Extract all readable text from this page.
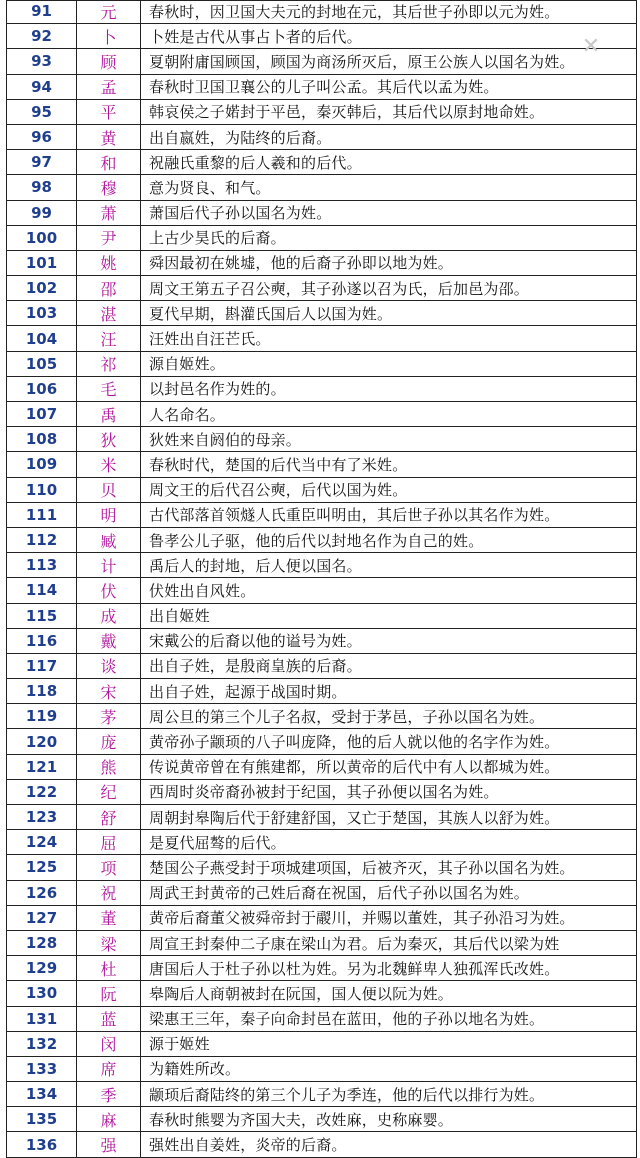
91	元	春秋时，因卫国大夫元的封地在元，其后世子孙即以元为姓。
92	卜	卜姓是古代从事占卜者的后代。
93	顾	夏朝附庸国顾国，顾国为商汤所灭后，原王公族人以国名为姓。
94	孟	春秋时卫国卫襄公的儿子叫公孟。其后代以孟为姓。
95	平	韩哀侯之子婼封于平邑，秦灭韩后，其后代以原封地命姓。
96	黄	出自嬴姓，为陆终的后裔。
97	和	祝融氏重黎的后人羲和的后代。
98	穆	意为贤良、和气。
99	萧	萧国后代子孙以国名为姓。
100	尹	上古少昊氏的后裔。
101	姚	舜因最初在姚墟，他的后裔子孙即以地为姓。
102	邵	周文王第五子召公奭，其子孙遂以召为氏，后加邑为邵。
103	湛	夏代早期，斟灌氏国后人以国为姓。
104	汪	汪姓出自汪芒氏。
105	祁	源自姬姓。
106	毛	以封邑名作为姓的。
107	禹	人名命名。
108	狄	狄姓来自阏伯的母亲。
109	米	春秋时代，楚国的后代当中有了米姓。
110	贝	周文王的后代召公奭，后代以国为姓。
111	明	古代部落首领燧人氏重臣叫明由，其后世子孙以其名作为姓。
112	臧	鲁孝公儿子驱，他的后代以封地名作为自己的姓。
113	计	禹后人的封地，后人便以国名。
114	伏	伏姓出自风姓。
115	成	出自姬姓
116	戴	宋戴公的后裔以他的谥号为姓。
117	谈	出自子姓，是殷商皇族的后裔。
118	宋	出自子姓，起源于战国时期。
119	茅	周公旦的第三个儿子名叔，受封于茅邑，子孙以国名为姓。
120	庞	黄帝孙子颛顼的八子叫庞降，他的后人就以他的名字作为姓。
121	熊	传说黄帝曾在有熊建都，所以黄帝的后代中有人以都城为姓。
122	纪	西周时炎帝裔孙被封于纪国，其子孙便以国名为姓。
123	舒	周朝封皋陶后代于舒建舒国，又亡于楚国，其族人以舒为姓。
124	屈	是夏代屈骜的后代。
125	项	楚国公子燕受封于项城建项国，后被齐灭，其子孙以国名为姓。
126	祝	周武王封黄帝的己姓后裔在祝国，后代子孙以国名为姓。
127	董	黄帝后裔董父被舜帝封于鬷川，并赐以董姓，其子孙沿习为姓。
128	梁	周宣王封秦仲二子康在梁山为君。后为秦灭，其后代以梁为姓
129	杜	唐国后人于杜子孙以杜为姓。另为北魏鲜卑人独孤浑氏改姓。
130	阮	皋陶后人商朝被封在阮国，国人便以阮为姓。
131	蓝	梁惠王三年，秦子向命封邑在蓝田，他的子孙以地名为姓。
132	闵	源于姬姓
133	席	为籍姓所改。
134	季	颛顼后裔陆终的第三个儿子为季连，他的后代以排行为姓。
135	麻	春秋时熊婴为齐国大夫，改姓麻，史称麻婴。
136	强	强姓出自姜姓，炎帝的后裔。
✕
